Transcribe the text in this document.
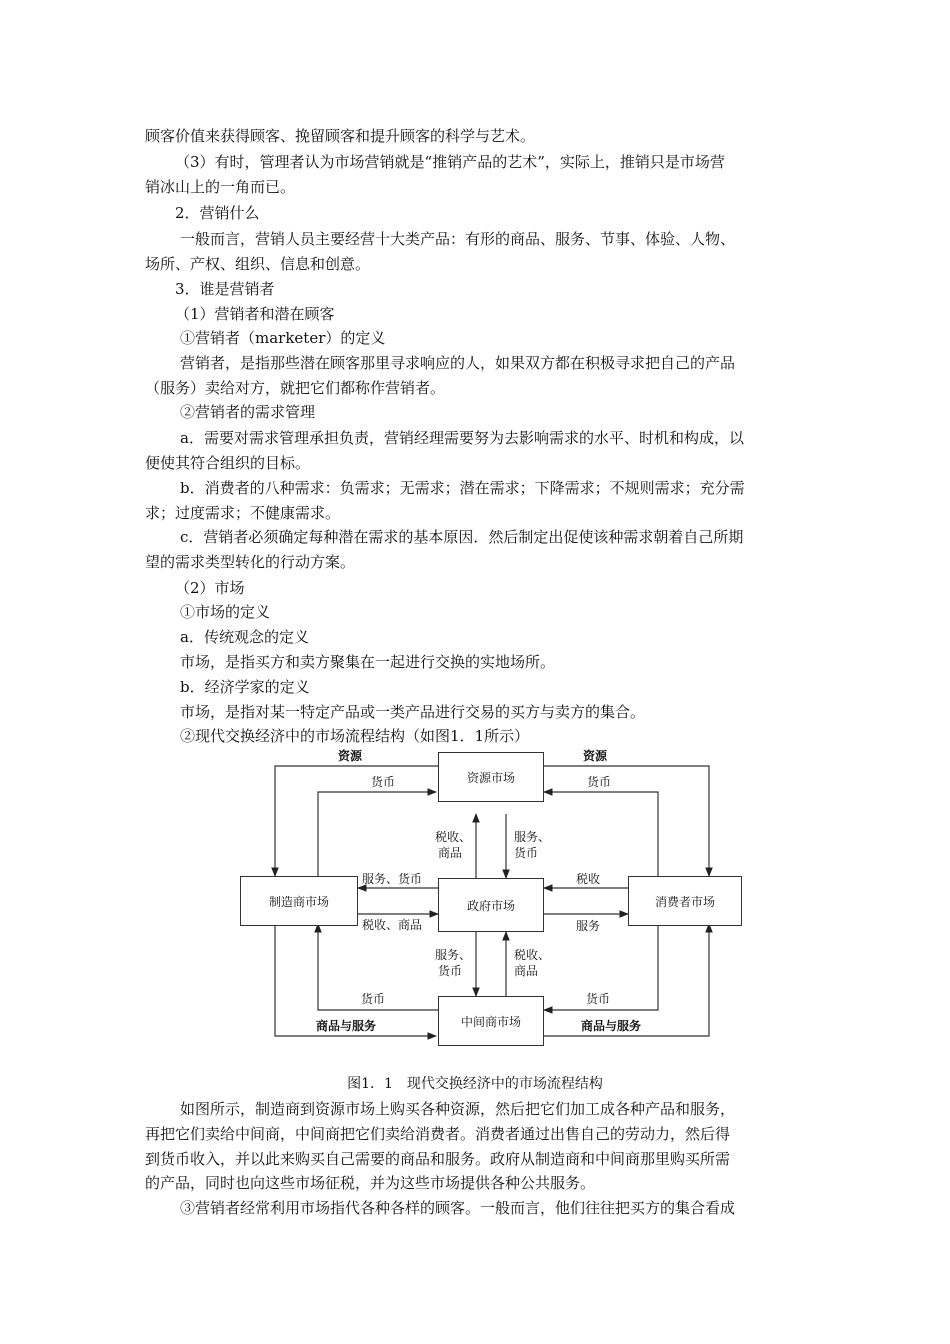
顾客价值来获得顾客、挽留顾客和提升顾客的科学与艺术。
（3）有时，管理者认为市场营销就是“推销产品的艺术”，实际上，推销只是市场营
销冰山上的一角而已。
2．营销什么
一般而言，营销人员主要经营十大类产品：有形的商品、服务、节事、体验、人物、
场所、产权、组织、信息和创意。
3．谁是营销者
（1）营销者和潜在顾客
①营销者（marketer）的定义
营销者，是指那些潜在顾客那里寻求响应的人，如果双方都在积极寻求把自己的产品
（服务）卖给对方，就把它们都称作营销者。
②营销者的需求管理
a．需要对需求管理承担负责，营销经理需要努为去影响需求的水平、时机和构成，以
便使其符合组织的目标。
b．消费者的八种需求：负需求；无需求；潜在需求；下降需求；不规则需求；充分需
求；过度需求；不健康需求。
c．营销者必须确定每种潜在需求的基本原因．然后制定出促使该种需求朝着自己所期
望的需求类型转化的行动方案。
（2）市场
①市场的定义
a．传统观念的定义
市场，是指买方和卖方聚集在一起进行交换的实地场所。
b．经济学家的定义
市场，是指对某一特定产品或一类产品进行交易的买方与卖方的集合。
②现代交换经济中的市场流程结构（如图1．1所示）
资源市场
制造商市场	政府市场	消费者市场
中间商市场
资源	资源
货币	货币
税收、
商品
服务、
货币
服务、货币
税收、商品
税收
服务
服务、
货币
税收、
商品
货币	货币
商品与服务	商品与服务
图1．1　现代交换经济中的市场流程结构
如图所示，制造商到资源市场上购买各种资源，然后把它们加工成各种产品和服务，
再把它们卖给中间商，中间商把它们卖给消费者。消费者通过出售自己的劳动力，然后得
到货币收入，并以此来购买自己需要的商品和服务。政府从制造商和中间商那里购买所需
的产品，同时也向这些市场征税，并为这些市场提供各种公共服务。
③营销者经常利用市场指代各种各样的顾客。一般而言，他们往往把买方的集合看成
